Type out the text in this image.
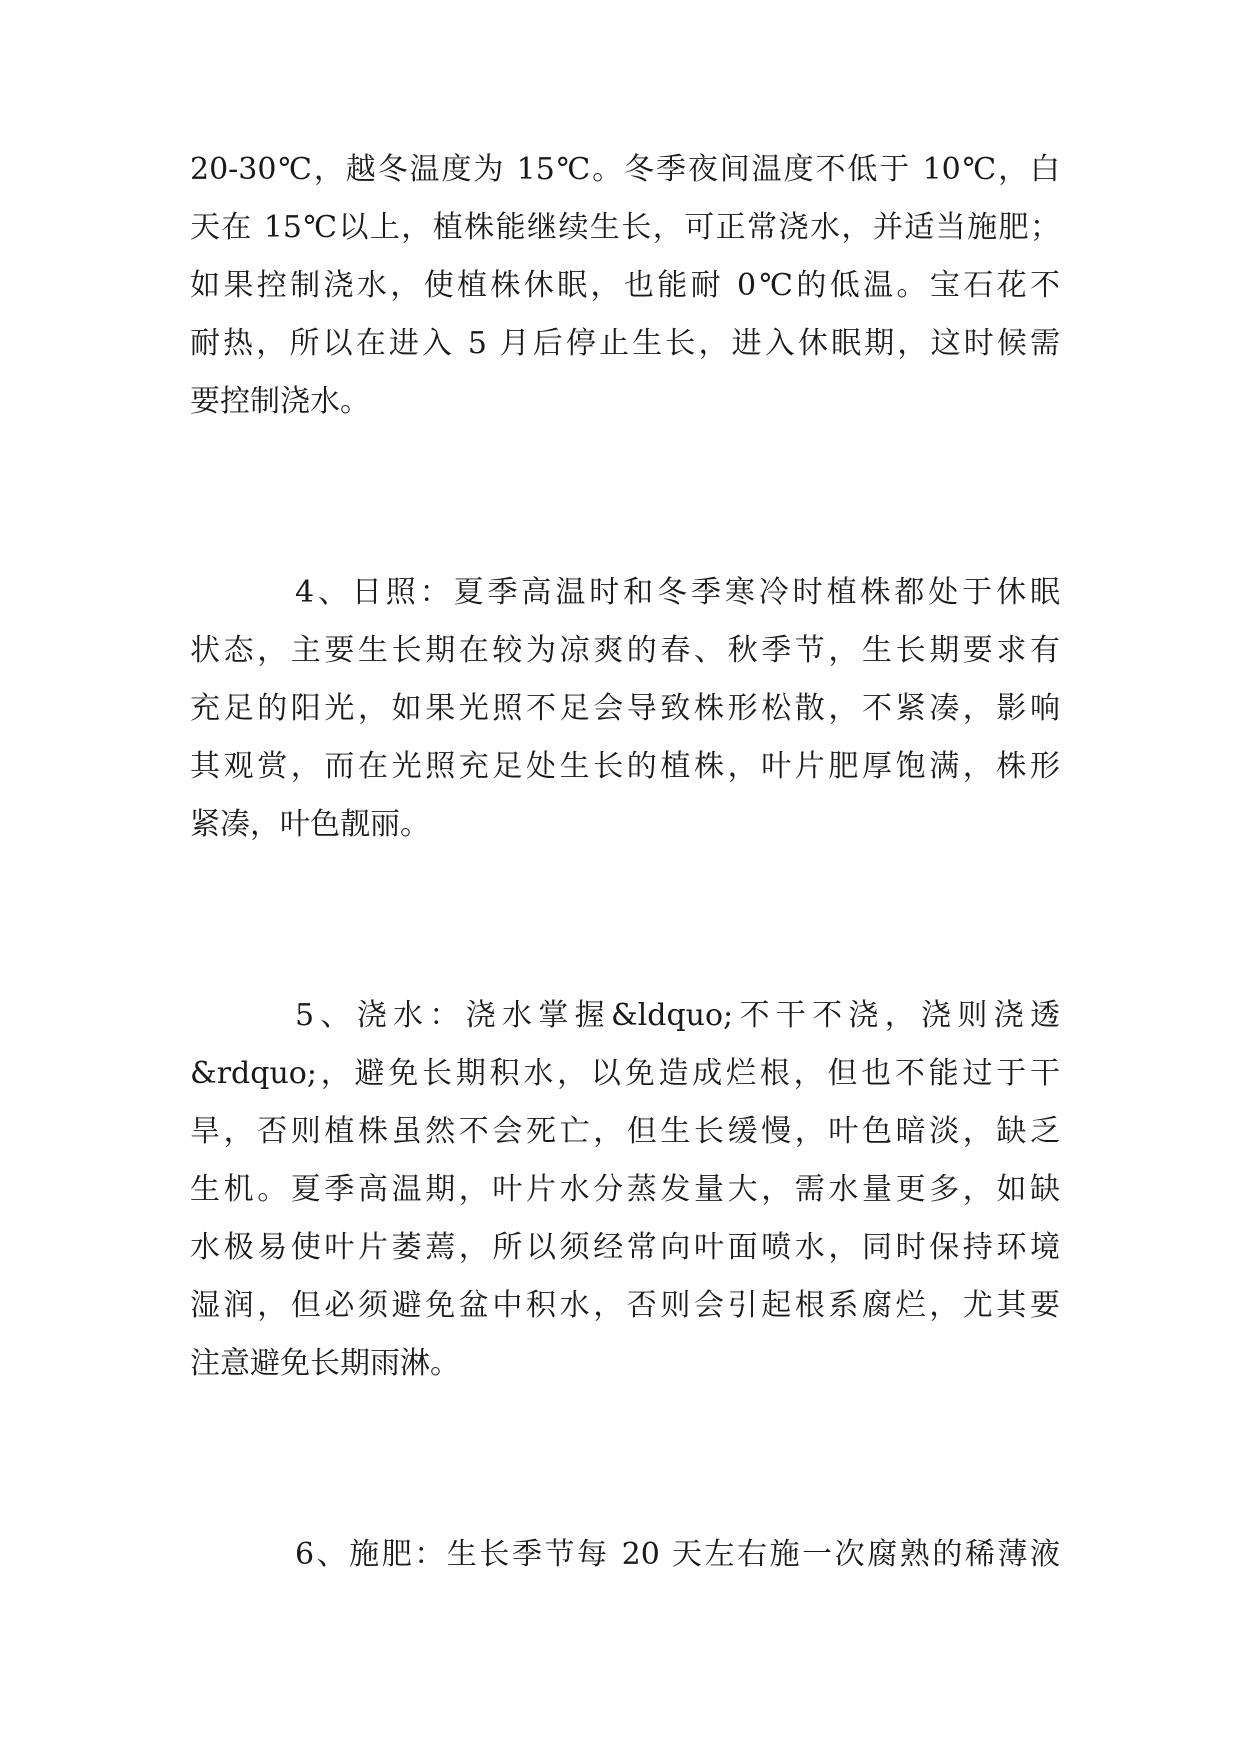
20-30℃，越冬温度为 15℃。冬季夜间温度不低于 10℃，白
天在 15℃以上，植株能继续生长，可正常浇水，并适当施肥；
如果控制浇水，使植株休眠，也能耐 0℃的低温。宝石花不
耐热，所以在进入 5 月后停止生长，进入休眠期，这时候需
要控制浇水。
4、日照：夏季高温时和冬季寒冷时植株都处于休眠
状态，主要生长期在较为凉爽的春、秋季节，生长期要求有
充足的阳光，如果光照不足会导致株形松散，不紧凑，影响
其观赏，而在光照充足处生长的植株，叶片肥厚饱满，株形
紧凑，叶色靓丽。
5、浇水：浇水掌握&ldquo;不干不浇，浇则浇透
&rdquo;，避免长期积水，以免造成烂根，但也不能过于干
旱，否则植株虽然不会死亡，但生长缓慢，叶色暗淡，缺乏
生机。夏季高温期，叶片水分蒸发量大，需水量更多，如缺
水极易使叶片萎蔫，所以须经常向叶面喷水，同时保持环境
湿润，但必须避免盆中积水，否则会引起根系腐烂，尤其要
注意避免长期雨淋。
6、施肥：生长季节每 20 天左右施一次腐熟的稀薄液
